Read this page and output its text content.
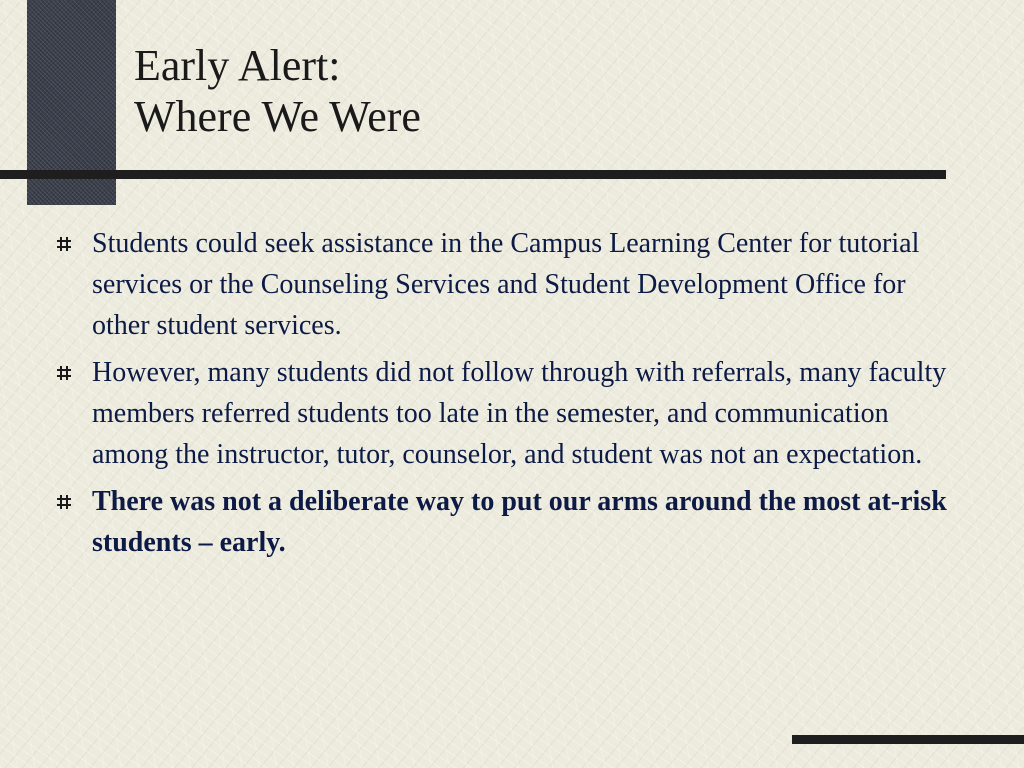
Early Alert:
Where We Were
Students could seek assistance in the Campus Learning Center for tutorial services or the Counseling Services and Student Development Office for other student services.
However, many students did not follow through with referrals, many faculty members referred students too late in the semester, and communication among the instructor, tutor, counselor, and student was not an expectation.
There was not a deliberate way to put our arms around the most at-risk students – early.
